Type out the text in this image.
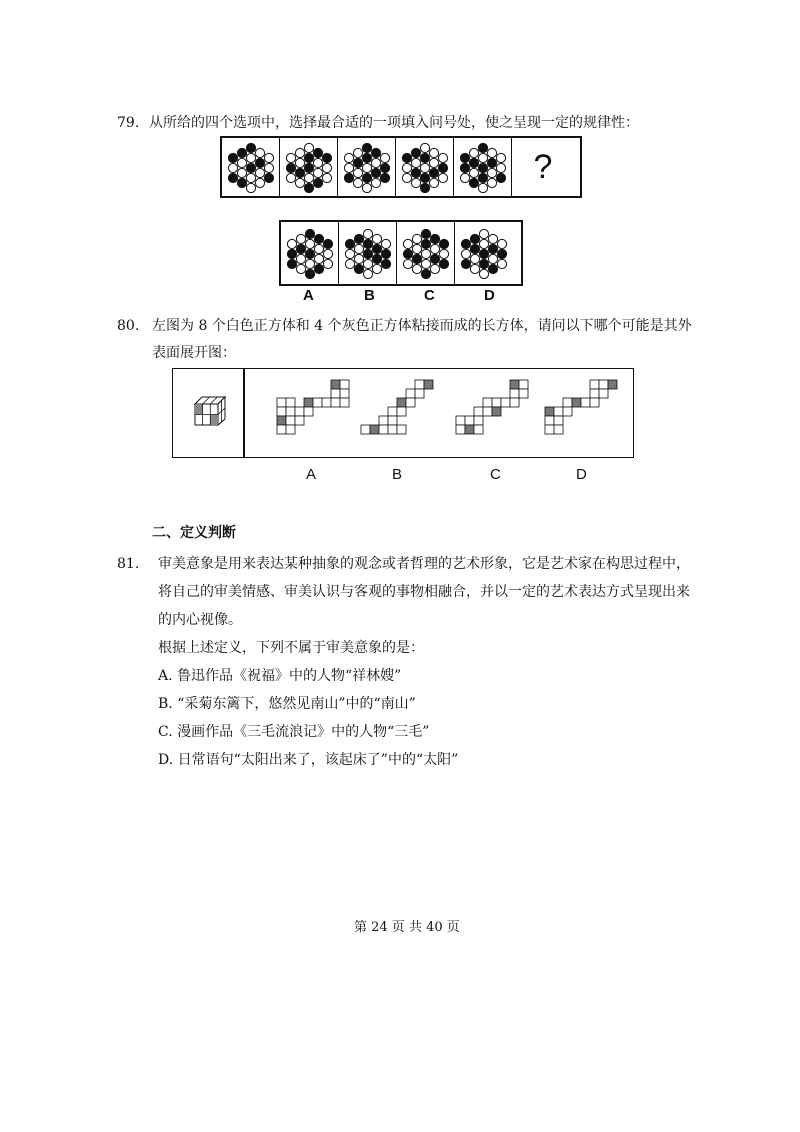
79. 从所给的四个选项中，选择最合适的一项填入问号处，使之呈现一定的规律性：
?
A	B	C	D
80. 左图为 8 个白色正方体和 4 个灰色正方体粘接而成的长方体，请问以下哪个可能是其外
表面展开图：
A	B	C	D
二、定义判断
81. 审美意象是用来表达某种抽象的观念或者哲理的艺术形象，它是艺术家在构思过程中，
将自己的审美情感、审美认识与客观的事物相融合，并以一定的艺术表达方式呈现出来
的内心视像。
根据上述定义，下列不属于审美意象的是：
A. 鲁迅作品《祝福》中的人物“祥林嫂”
B. “采菊东篱下，悠然见南山”中的“南山”
C. 漫画作品《三毛流浪记》中的人物“三毛”
D. 日常语句“太阳出来了，该起床了”中的“太阳”
第 24 页 共 40 页
